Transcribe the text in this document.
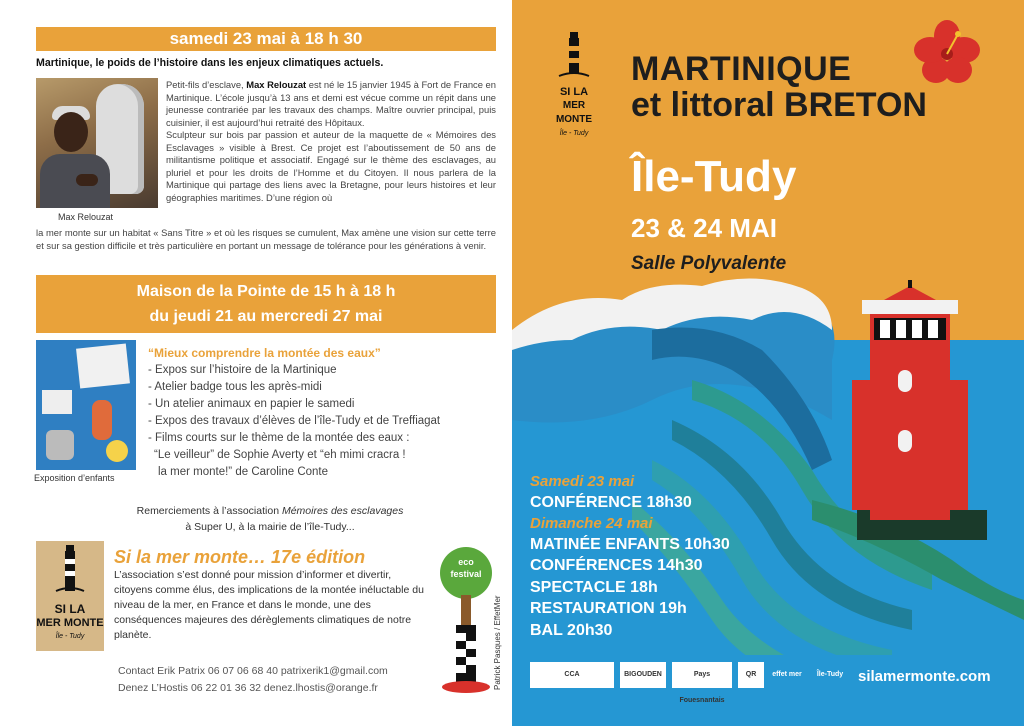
samedi 23 mai à 18 h 30
Martinique, le poids de l’histoire dans les enjeux climatiques actuels.
Max Relouzat

Petit-fils d’esclave, Max Relouzat est né le 15 janvier 1945 à Fort de France en Martinique. L’école jusqu’à 13 ans et demi est vécue comme un répit dans une jeunesse contrariée par les travaux des champs. Maître ouvrier principal, puis cuisinier, il est aujourd’hui retraité des Hôpitaux.

Sculpteur sur bois par passion et auteur de la maquette de « Mémoires des Esclavages » visible à Brest. Ce projet est l’aboutissement de 50 ans de militantisme politique et associatif. Engagé sur le thème des esclavages, au pluriel et pour les droits de l’Homme et du Citoyen. Il nous parlera de la Martinique qui partage des liens avec la Bretagne, pour leurs histoires et leur géographies maritimes. D’une région où

la mer monte sur un habitat « Sans Titre » et où les risques se cumulent, Max amène une vision sur cette terre et sur sa gestion difficile et très particulière en portant un message de tolérance pour les générations à venir.
Maison de la Pointe de 15 h à 18 h
du jeudi 21 au mercredi 27 mai
Exposition d’enfants
“Mieux comprendre la montée des eaux”
- Expos sur l’histoire de la Martinique
- Atelier badge tous les après-midi
- Un atelier animaux en papier le samedi
- Expos des travaux d’élèves de l’île-Tudy et de Treffiagat
- Films courts sur le thème de la montée des eaux :
“Le veilleur” de Sophie Averty et “eh mimi cracra !
la mer monte!” de Caroline Conte
Remerciements à l’association Mémoires des esclavages
à Super U, à la mairie de l’île-Tudy...
SI LA
MER MONTE
Île - Tudy
Si la mer monte… 17e édition
L’association s’est donné pour mission d’informer et divertir, citoyens comme élus, des implications de la montée inéluctable du niveau de la mer, en France et dans le monde, une des conséquences majeures des dérèglements climatiques de notre planète.
eco
festival
Patrick Pasques / EffetMer
Contact Erik Patrix 06 07 06 68 40 patrixerik1@gmail.com
Denez L’Hostis 06 22 01 36 32 denez.lhostis@orange.fr
SI LA
MER MONTE
Île - Tudy
MARTINIQUE
et littoral BRETON
Île-Tudy
23 & 24 MAI
Salle Polyvalente
Samedi 23 mai
CONFÉRENCE 18h30
Dimanche 24 mai
MATINÉE ENFANTS 10h30
CONFÉRENCES 14h30
SPECTACLE 18h
RESTAURATION 19h
BAL 20h30
CCA	BIGOUDEN	Pays Fouesnantais
QR	effet mer	Île-Tudy silamermonte.com
